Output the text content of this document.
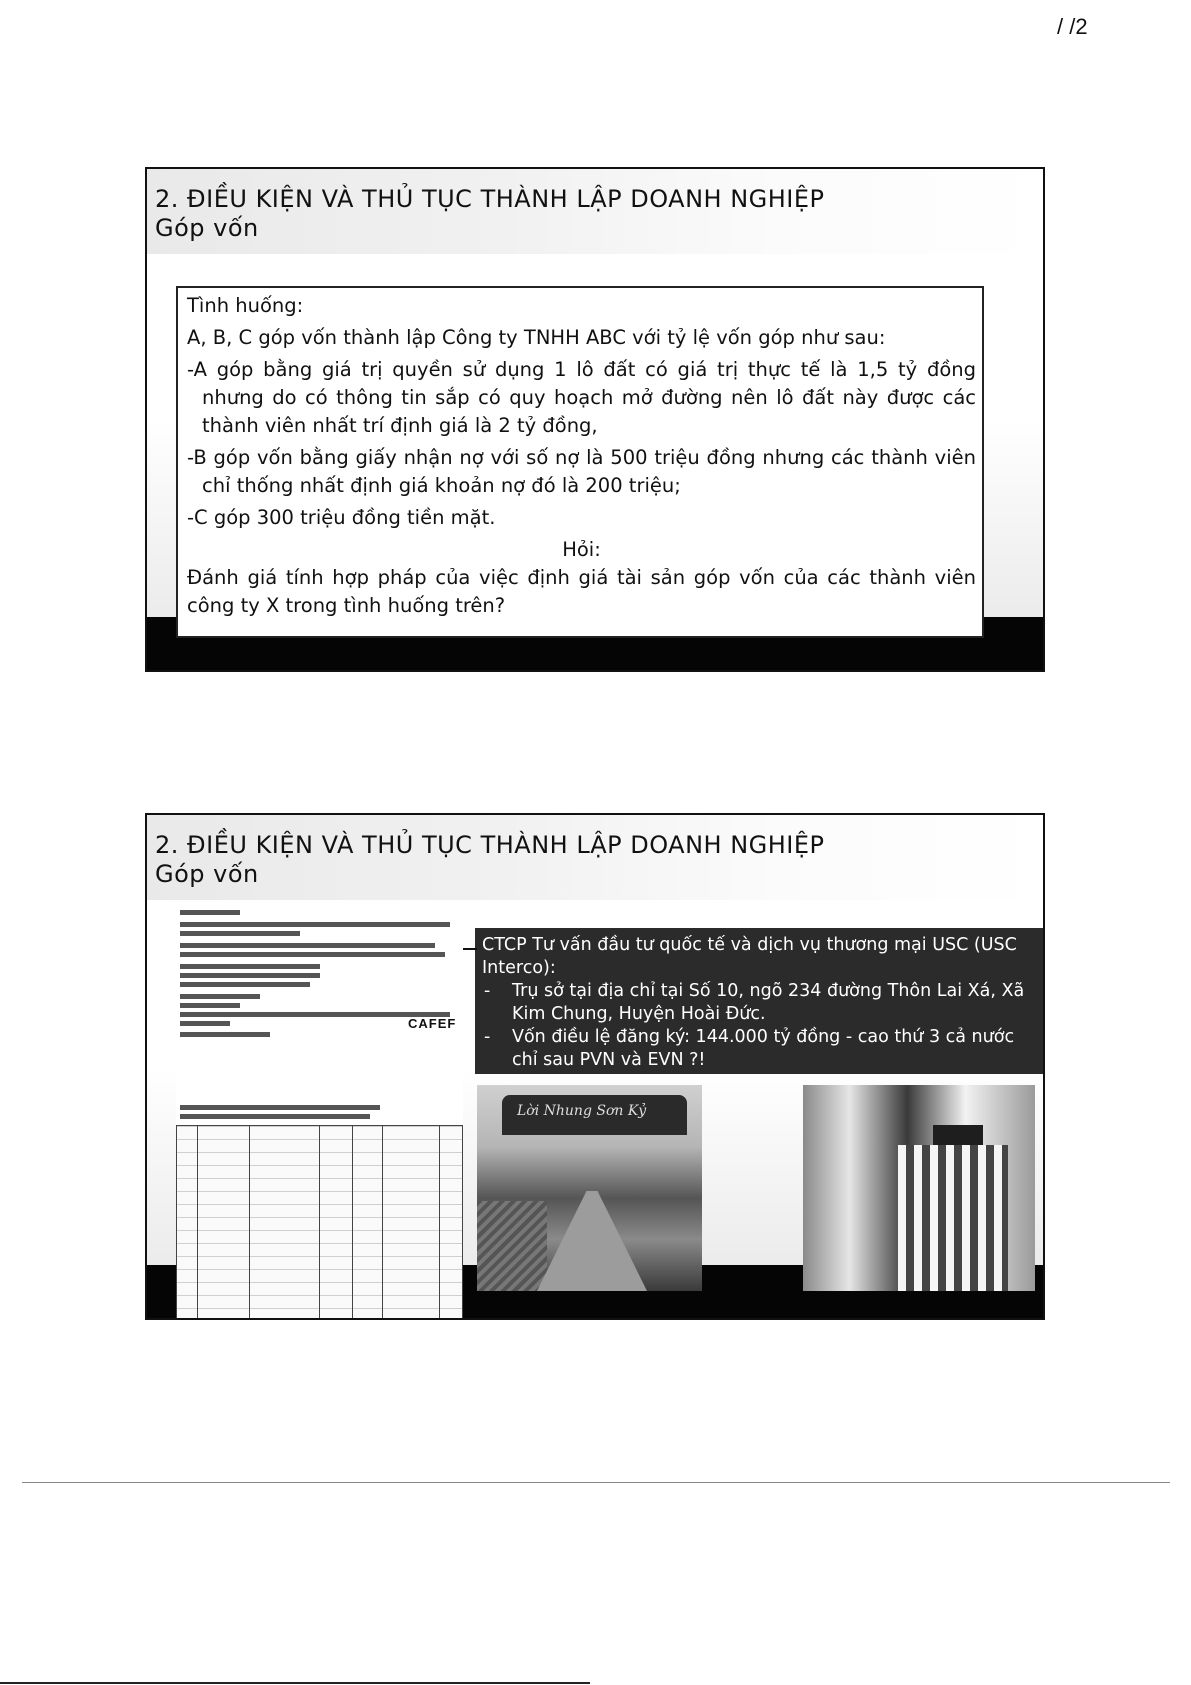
/ /2
2. ĐIỀU KIỆN VÀ THỦ TỤC THÀNH LẬP DOANH NGHIỆP
Góp vốn

Tình huống:

A, B, C góp vốn thành lập Công ty TNHH ABC với tỷ lệ vốn góp như sau:

-A góp bằng giá trị quyền sử dụng 1 lô đất có giá trị thực tế là 1,5 tỷ đồng nhưng do có thông tin sắp có quy hoạch mở đường nên lô đất này được các thành viên nhất trí định giá là 2 tỷ đồng,

-B góp vốn bằng giấy nhận nợ với số nợ là 500 triệu đồng nhưng các thành viên chỉ thống nhất định giá khoản nợ đó là 200 triệu;

-C góp 300 triệu đồng tiền mặt.

Hỏi:

Đánh giá tính hợp pháp của việc định giá tài sản góp vốn của các thành viên công ty X trong tình huống trên?

2. ĐIỀU KIỆN VÀ THỦ TỤC THÀNH LẬP DOANH NGHIỆP
Góp vốn
CAFEF
CTCP Tư vấn đầu tư quốc tế và dịch vụ thương mại USC (USC Interco):
- Trụ sở tại địa chỉ tại Số 10, ngõ 234 đường Thôn Lai Xá, Xã Kim Chung, Huyện Hoài Đức.
- Vốn điều lệ đăng ký: 144.000 tỷ đồng - cao thứ 3 cả nước chỉ sau PVN và EVN ?!
Lời Nhung Sơn Kỷ
